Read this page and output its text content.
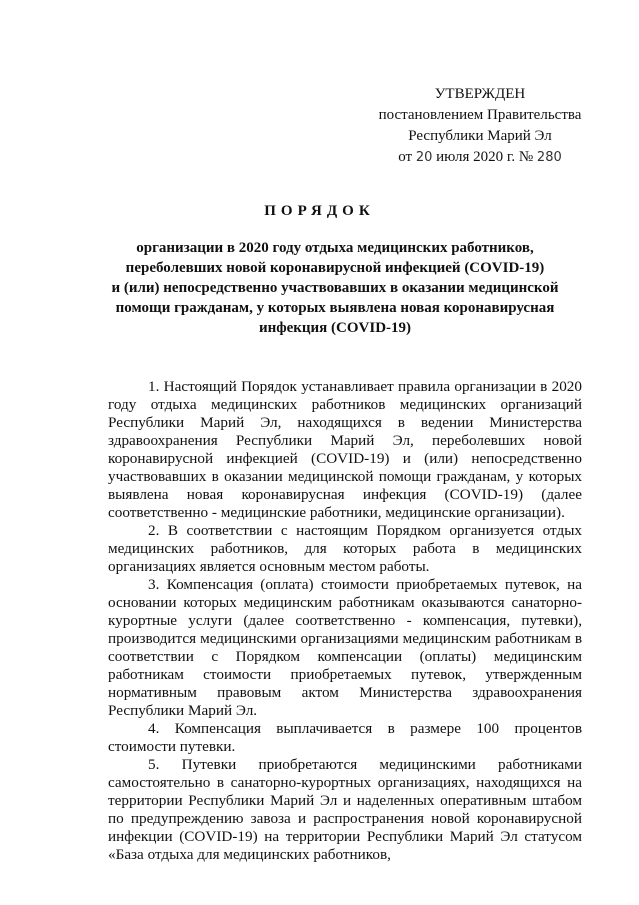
УТВЕРЖДЕН
постановлением Правительства
Республики Марий Эл
от 20 июля 2020 г. № 280
ПОРЯДОК
организации в 2020 году отдыха медицинских работников,
переболевших новой коронавирусной инфекцией (COVID-19)
и (или) непосредственно участвовавших в оказании медицинской
помощи гражданам, у которых выявлена новая коронавирусная
инфекция (COVID-19)

1. Настоящий Порядок устанавливает правила организации в 2020 году отдыха медицинских работников медицинских организаций Республики Марий Эл, находящихся в ведении Министерства здравоохранения Республики Марий Эл, переболевших новой коронавирусной инфекцией (COVID-19) и (или) непосредственно участвовавших в оказании медицинской помощи гражданам, у которых выявлена новая коронавирусная инфекция (COVID-19) (далее соответственно - медицинские работники, медицинские организации).

2. В соответствии с настоящим Порядком организуется отдых медицинских работников, для которых работа в медицинских организациях является основным местом работы.

3. Компенсация (оплата) стоимости приобретаемых путевок, на основании которых медицинским работникам оказываются санаторно-курортные услуги (далее соответственно - компенсация, путевки), производится медицинскими организациями медицинским работникам в соответствии с Порядком компенсации (оплаты) медицинским работникам стоимости приобретаемых путевок, утвержденным нормативным правовым актом Министерства здравоохранения Республики Марий Эл.

4. Компенсация выплачивается в размере 100 процентов стоимости путевки.

5. Путевки приобретаются медицинскими работниками самостоятельно в санаторно-курортных организациях, находящихся на территории Республики Марий Эл и наделенных оперативным штабом по предупреждению завоза и распространения новой коронавирусной инфекции (COVID-19) на территории Республики Марий Эл статусом «База отдыха для медицинских работников,
